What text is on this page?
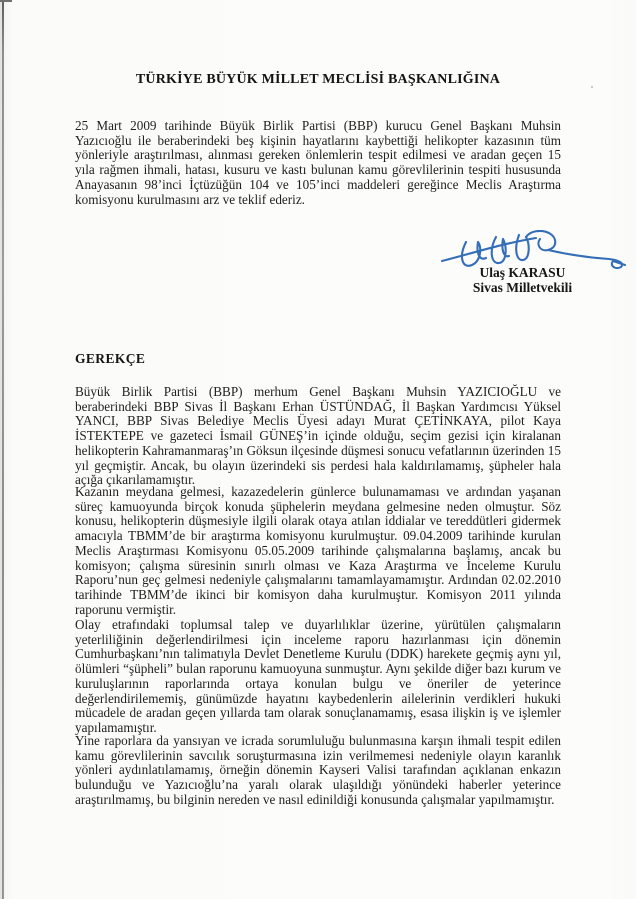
TÜRKİYE BÜYÜK MİLLET MECLİSİ BAŞKANLIĞINA
25 Mart 2009 tarihinde Büyük Birlik Partisi (BBP) kurucu Genel Başkanı Muhsin Yazıcıoğlu ile beraberindeki beş kişinin hayatlarını kaybettiği helikopter kazasının tüm yönleriyle araştırılması, alınması gereken önlemlerin tespit edilmesi ve aradan geçen 15 yıla rağmen ihmali, hatası, kusuru ve kastı bulunan kamu görevlilerinin tespiti hususunda Anayasanın 98’inci İçtüzüğün 104 ve 105’inci maddeleri gereğince Meclis Araştırma komisyonu kurulmasını arz ve teklif ederiz.
Ulaş KARASU
Sivas Milletvekili
GEREKÇE
Büyük Birlik Partisi (BBP) merhum Genel Başkanı Muhsin YAZICIOĞLU ve beraberindeki BBP Sivas İl Başkanı Erhan ÜSTÜNDAĞ, İl Başkan Yardımcısı Yüksel YANCI, BBP Sivas Belediye Meclis Üyesi adayı Murat ÇETİNKAYA, pilot Kaya İSTEKTEPE ve gazeteci İsmail GÜNEŞ’in içinde olduğu, seçim gezisi için kiralanan helikopterin Kahramanmaraş’ın Göksun ilçesinde düşmesi sonucu vefatlarının üzerinden 15 yıl geçmiştir. Ancak, bu olayın üzerindeki sis perdesi hala kaldırılamamış, şüpheler hala açığa çıkarılamamıştır.
Kazanın meydana gelmesi, kazazedelerin günlerce bulunamaması ve ardından yaşanan süreç kamuoyunda birçok konuda şüphelerin meydana gelmesine neden olmuştur. Söz konusu, helikopterin düşmesiyle ilgili olarak otaya atılan iddialar ve tereddütleri gidermek amacıyla TBMM’de bir araştırma komisyonu kurulmuştur. 09.04.2009 tarihinde kurulan Meclis Araştırması Komisyonu 05.05.2009 tarihinde çalışmalarına başlamış, ancak bu komisyon; çalışma süresinin sınırlı olması ve Kaza Araştırma ve İnceleme Kurulu Raporu’nun geç gelmesi nedeniyle çalışmalarını tamamlayamamıştır. Ardından 02.02.2010 tarihinde TBMM’de ikinci bir komisyon daha kurulmuştur. Komisyon 2011 yılında raporunu vermiştir.
Olay etrafındaki toplumsal talep ve duyarlılıklar üzerine, yürütülen çalışmaların yeterliliğinin değerlendirilmesi için inceleme raporu hazırlanması için dönemin Cumhurbaşkanı’nın talimatıyla Devlet Denetleme Kurulu (DDK) harekete geçmiş aynı yıl, ölümleri “şüpheli” bulan raporunu kamuoyuna sunmuştur. Aynı şekilde diğer bazı kurum ve kuruluşlarının raporlarında ortaya konulan bulgu ve öneriler de yeterince değerlendirilememiş, günümüzde hayatını kaybedenlerin ailelerinin verdikleri hukuki mücadele de aradan geçen yıllarda tam olarak sonuçlanamamış, esasa ilişkin iş ve işlemler yapılamamıştır.
Yine raporlara da yansıyan ve icrada sorumluluğu bulunmasına karşın ihmali tespit edilen kamu görevlilerinin savcılık soruşturmasına izin verilmemesi nedeniyle olayın karanlık yönleri aydınlatılamamış, örneğin dönemin Kayseri Valisi tarafından açıklanan enkazın bulunduğu ve Yazıcıoğlu’na yaralı olarak ulaşıldığı yönündeki haberler yeterince araştırılmamış, bu bilginin nereden ve nasıl edinildiği konusunda çalışmalar yapılmamıştır.
